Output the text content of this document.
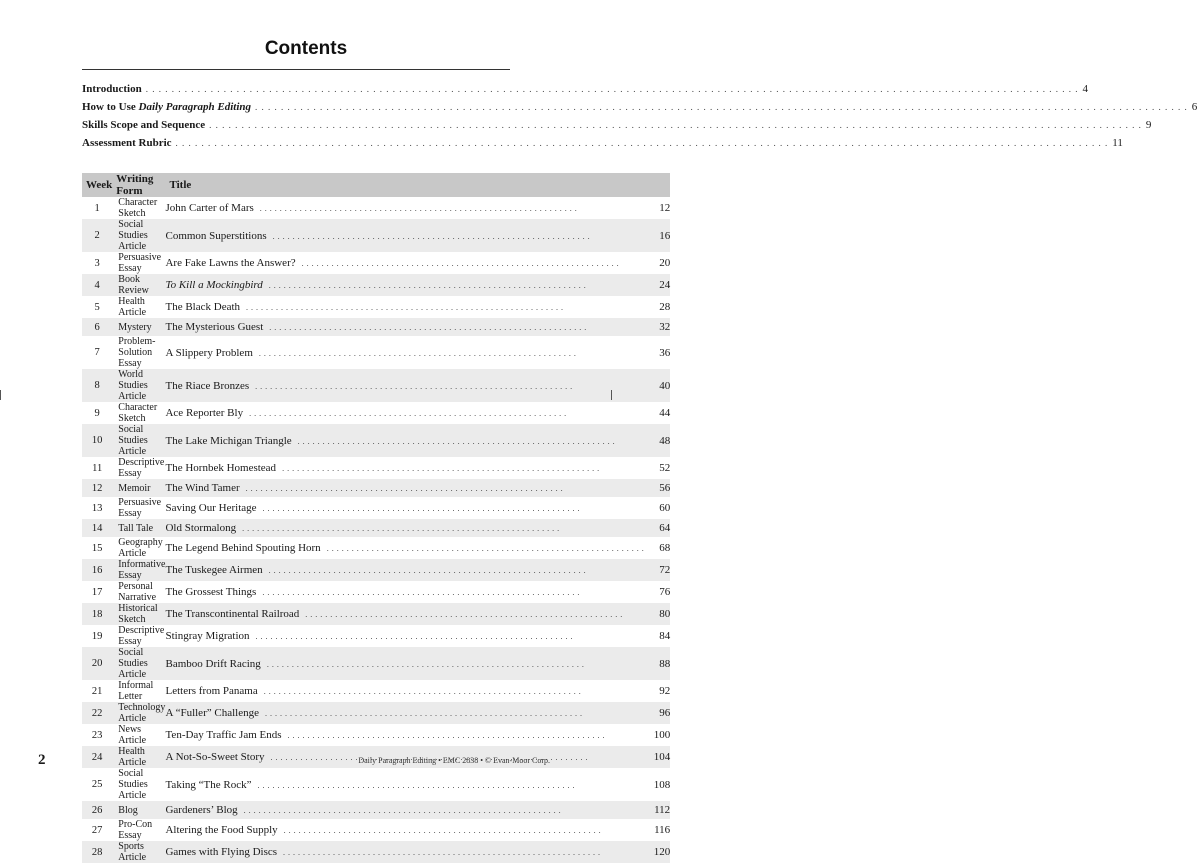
Contents
Introduction . . .	4
How to Use Daily Paragraph Editing . . .	6
Skills Scope and Sequence . . .	9
Assessment Rubric . . .	11
Week	Writing Form	Title
1	Character Sketch	John Carter of Mars . . . 12

2	Social Studies Article	Common Superstitions . . . 16

3	Persuasive Essay	Are Fake Lawns the Answer? . . . 20

4	Book Review	To Kill a Mockingbird . . . 24

5	Health Article	The Black Death . . . 28

6	Mystery	The Mysterious Guest . . . 32

7	Problem-Solution Essay	A Slippery Problem . . . 36

8	World Studies Article	The Riace Bronzes . . . 40

9	Character Sketch	Ace Reporter Bly . . . 44

10	Social Studies Article	The Lake Michigan Triangle . . . 48

11	Descriptive Essay	The Hornbek Homestead . . . 52

12	Memoir	The Wind Tamer . . . 56

13	Persuasive Essay	Saving Our Heritage . . . 60

14	Tall Tale	Old Stormalong . . . 64

15	Geography Article	The Legend Behind Spouting Horn . . . 68

16	Informative Essay	The Tuskegee Airmen . . . 72

17	Personal Narrative	The Grossest Things . . . 76

18	Historical Sketch	The Transcontinental Railroad . . . 80

19	Descriptive Essay	Stingray Migration . . . 84

20	Social Studies Article	Bamboo Drift Racing . . . 88

21	Informal Letter	Letters from Panama . . . 92

22	Technology Article	A “Fuller” Challenge . . . 96

23	News Article	Ten-Day Traffic Jam Ends . . . 100

24	Health Article	A Not-So-Sweet Story . . . 104

25	Social Studies Article	Taking “The Rock” . . . 108

26	Blog	Gardeners’ Blog . . . 112

27	Pro-Con Essay	Altering the Food Supply . . . 116

28	Sports Article	Games with Flying Discs . . . 120
2	Daily Paragraph Editing • EMC 2838 • © Evan-Moor Corp.
